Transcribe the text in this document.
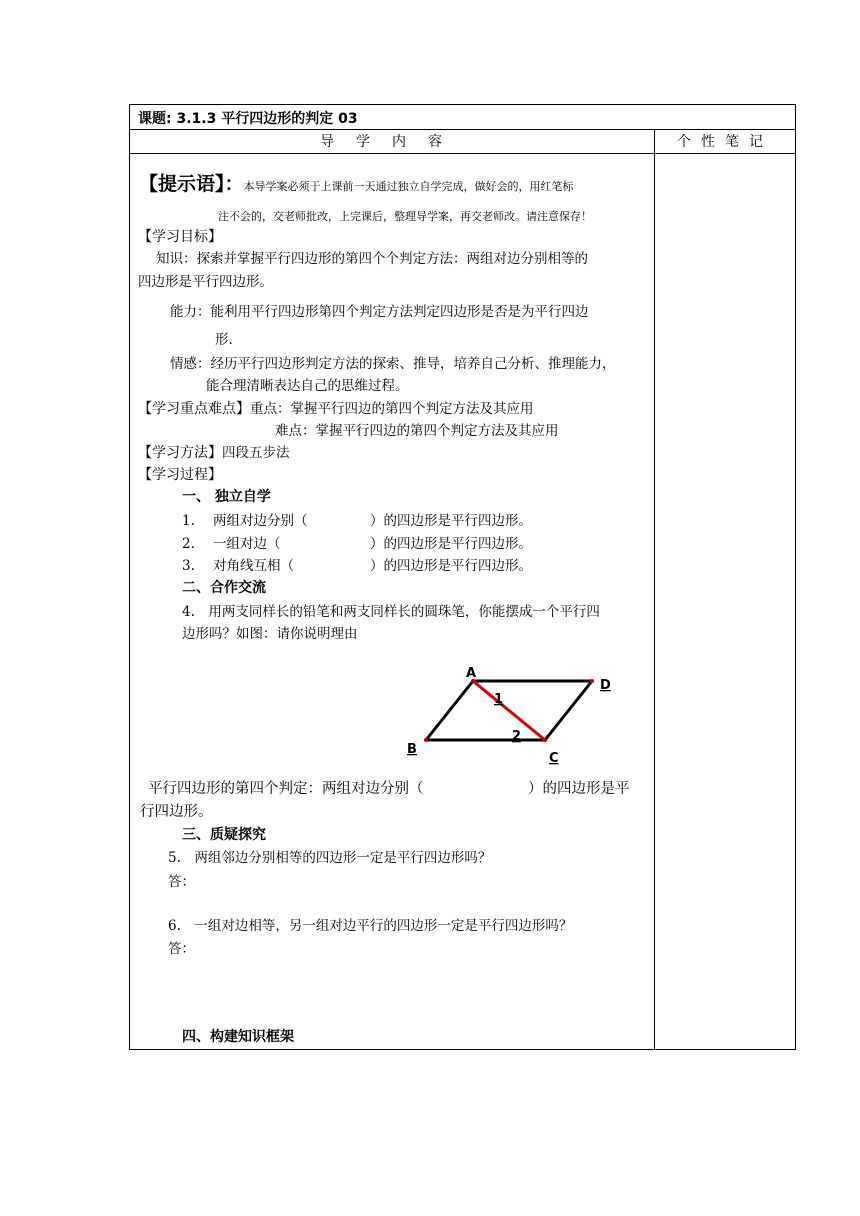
课题: 3.1.3 平行四边形的判定 03
导学内容	个性笔记
【提示语】：本导学案必须于上课前一天通过独立自学完成，做好会的，用红笔标
注不会的，交老师批改，上完课后，整理导学案，再交老师改。请注意保存！
【学习目标】
知识：探索并掌握平行四边形的第四个个判定方法：两组对边分别相等的
四边形是平行四边形。
能力：能利用平行四边形第四个判定方法判定四边形是否是为平行四边
形.
情感：经历平行四边形判定方法的探索、推导，培养自己分析、推理能力，
能合理清晰表达自己的思维过程。
【学习重点难点】重点：掌握平行四边的第四个判定方法及其应用
难点：掌握平行四边的第四个判定方法及其应用
【学习方法】四段五步法
【学习过程】
一、 独立自学
1. 两组对边分别（	）的四边形是平行四边形。
2. 一组对边（	）的四边形是平行四边形。
3. 对角线互相（	）的四边形是平行四边形。
二、合作交流
4.　用两支同样长的铅笔和两支同样长的圆珠笔，你能摆成一个平行四
边形吗？如图：请你说明理由
A
D
B
C
1
2
平行四边形的第四个判定：两组对边分别（	）的四边形是平
行四边形。
三、质疑探究
5.　两组邻边分别相等的四边形一定是平行四边形吗？
答：
6.　一组对边相等，另一组对边平行的四边形一定是平行四边形吗？
答：
四、构建知识框架
